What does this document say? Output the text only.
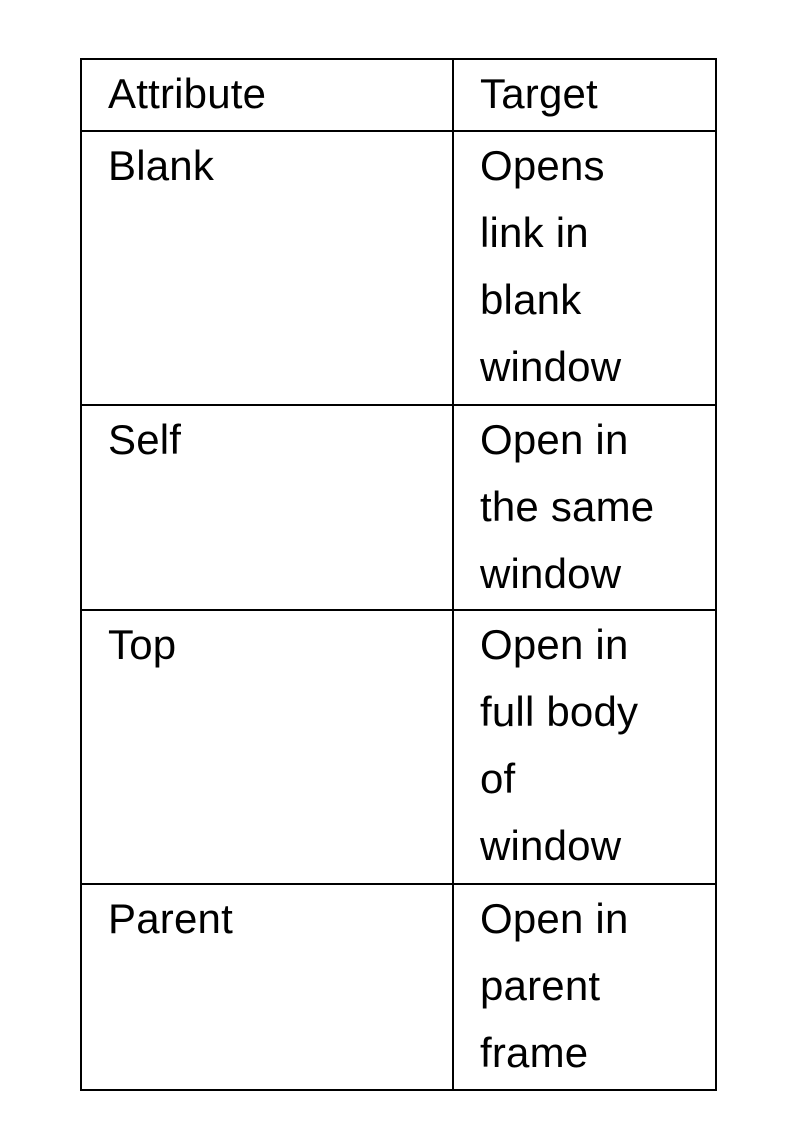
Attribute	Target

Blank	Opens
link in
blank
window

Self	Open in
the same
window

Top	Open in
full body
of
window

Parent	Open in
parent
frame
